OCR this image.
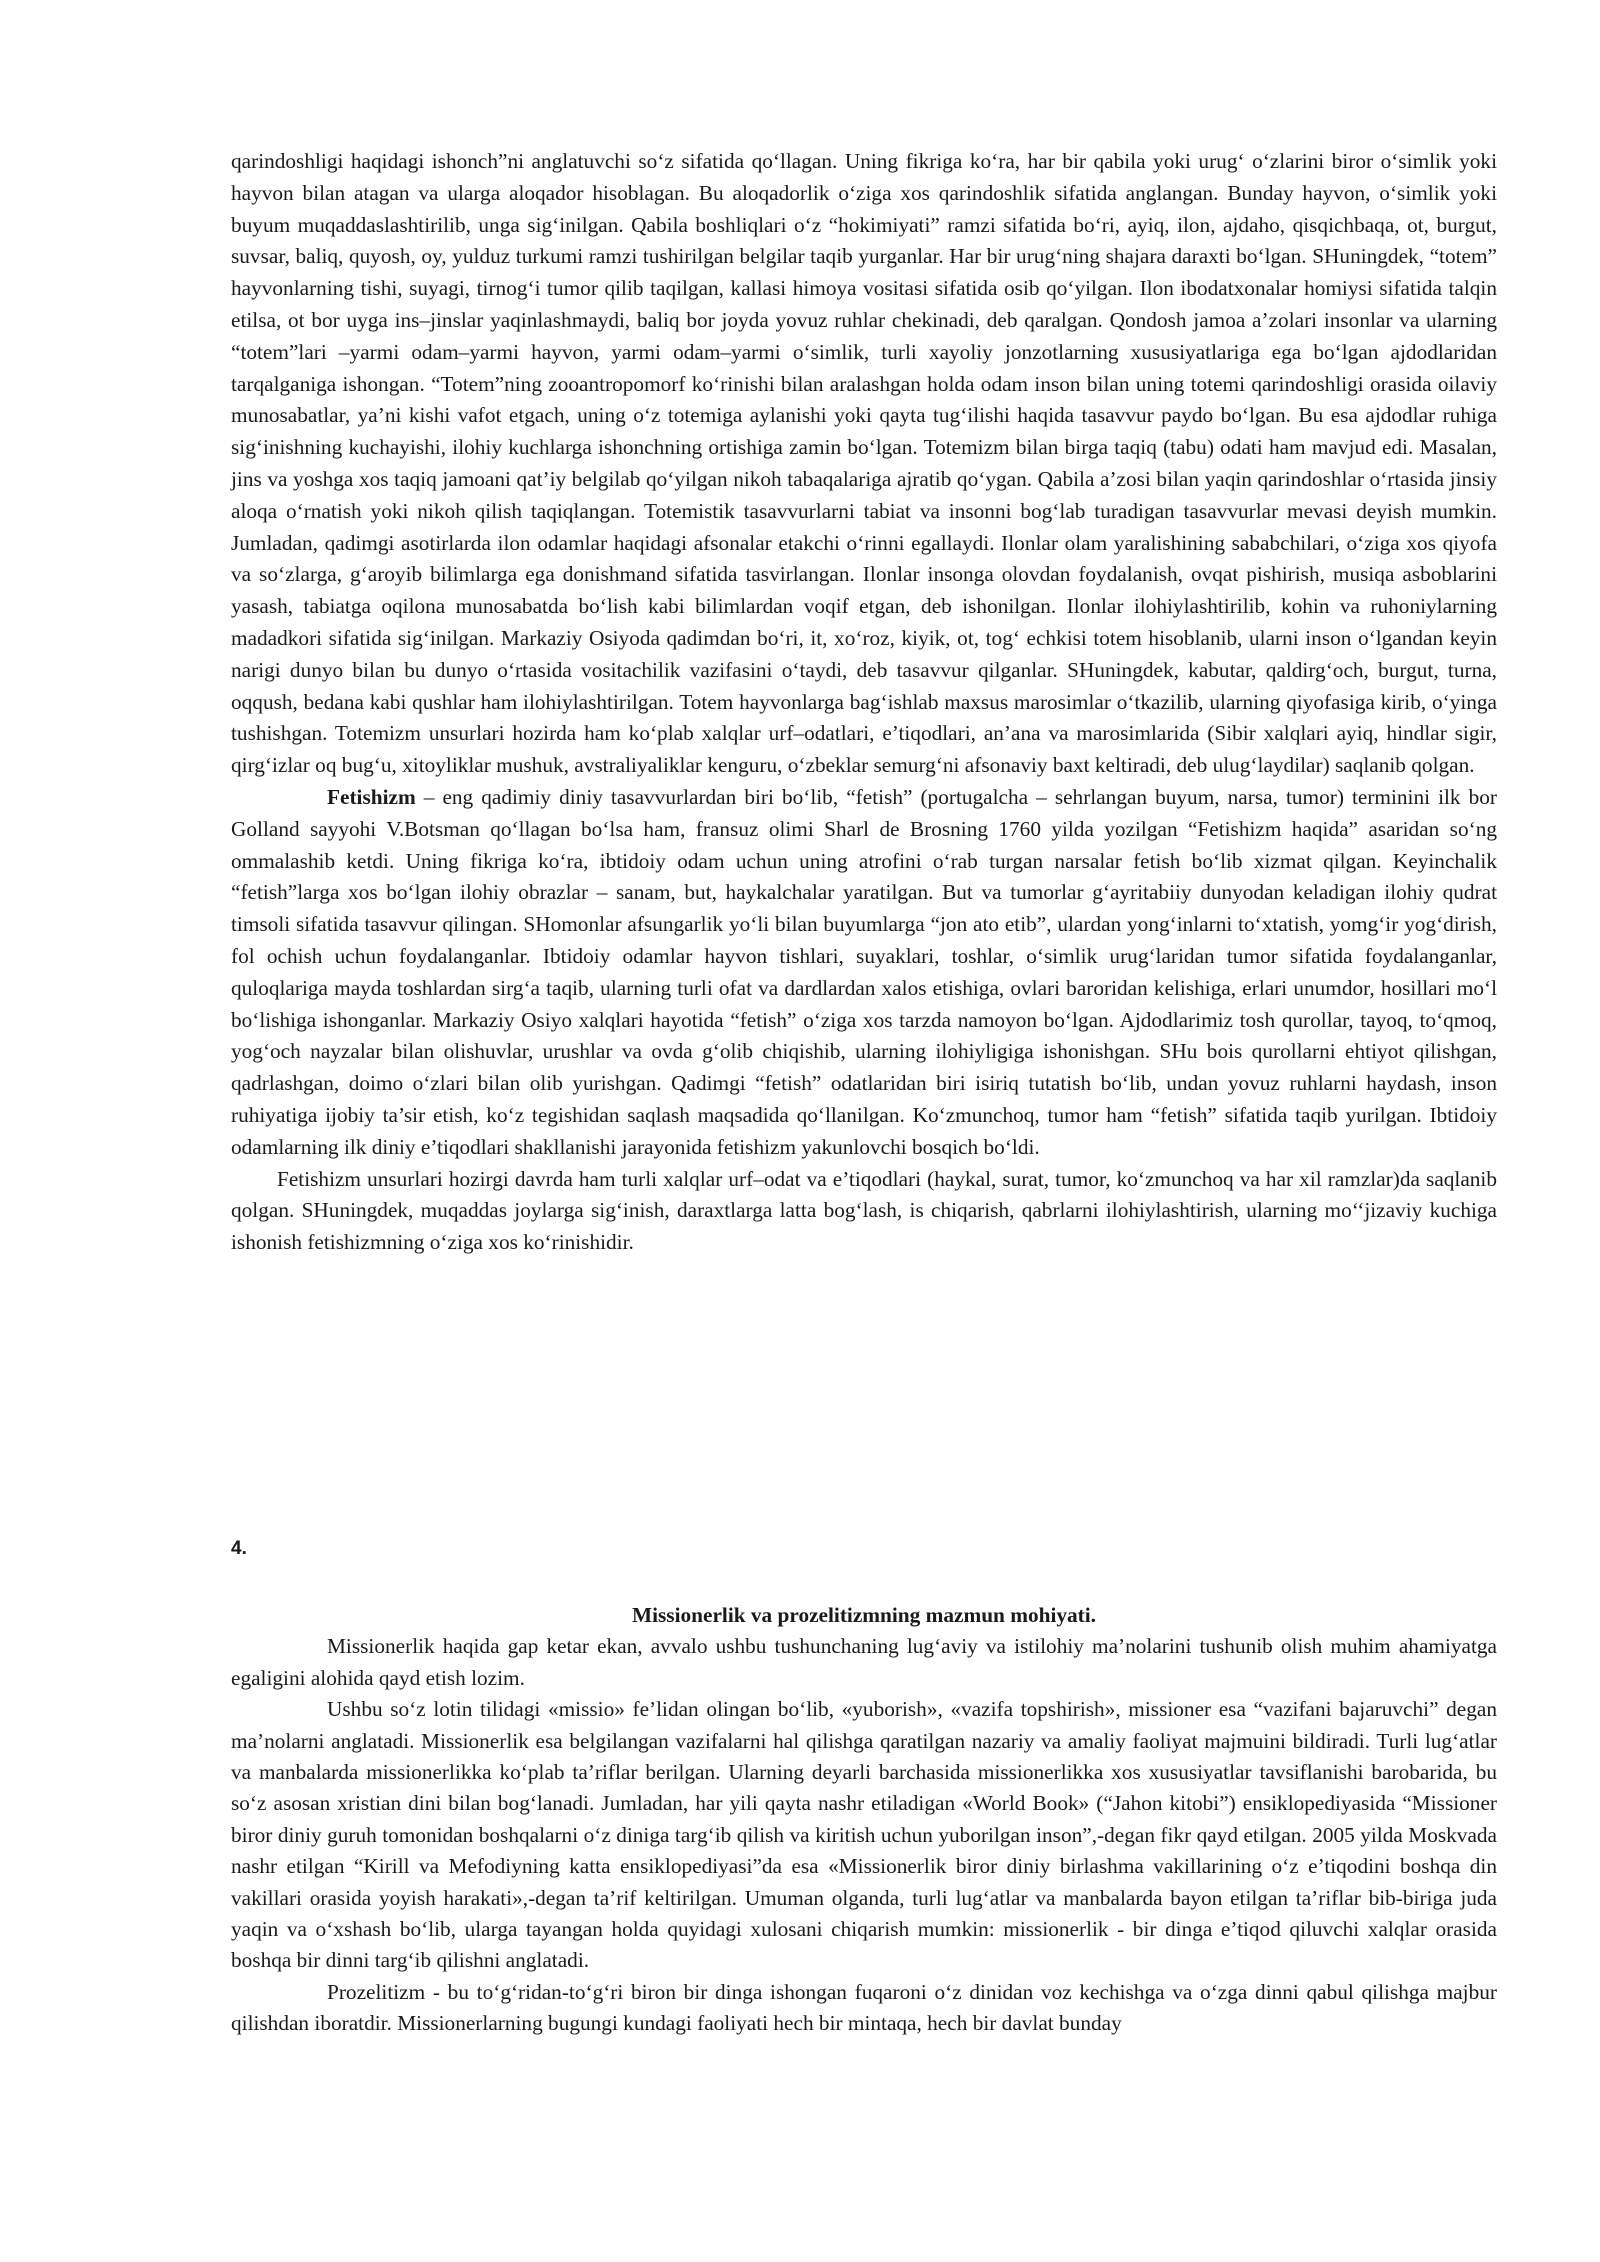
qarindoshligi haqidagi ishonch”ni anglatuvchi so‘z sifatida qo‘llagan. Uning fikriga ko‘ra, har bir qabila yoki urug‘ o‘zlarini biror o‘simlik yoki hayvon bilan atagan va ularga aloqador hisoblagan. Bu aloqadorlik o‘ziga xos qarindoshlik sifatida anglangan. Bunday hayvon, o‘simlik yoki buyum muqaddaslashtirilib, unga sig‘inilgan. Qabila boshliqlari o‘z “hokimiyati” ramzi sifatida bo‘ri, ayiq, ilon, ajdaho, qisqichbaqa, ot, burgut, suvsar, baliq, quyosh, oy, yulduz turkumi ramzi tushirilgan belgilar taqib yurganlar. Har bir urug‘ning shajara daraxti bo‘lgan. SHuningdek, “totem” hayvonlarning tishi, suyagi, tirnog‘i tumor qilib taqilgan, kallasi himoya vositasi sifatida osib qo‘yilgan. Ilon ibodatxonalar homiysi sifatida talqin etilsa, ot bor uyga ins–jinslar yaqinlashmaydi, baliq bor joyda yovuz ruhlar chekinadi, deb qaralgan. Qondosh jamoa a’zolari insonlar va ularning “totem”lari –yarmi odam–yarmi hayvon, yarmi odam–yarmi o‘simlik, turli xayoliy jonzotlarning xususiyatlariga ega bo‘lgan ajdodlaridan tarqalganiga ishongan. “Totem”ning zooantropomorf ko‘rinishi bilan aralashgan holda odam inson bilan uning totemi qarindoshligi orasida oilaviy munosabatlar, ya’ni kishi vafot etgach, uning o‘z totemiga aylanishi yoki qayta tug‘ilishi haqida tasavvur paydo bo‘lgan. Bu esa ajdodlar ruhiga sig‘inishning kuchayishi, ilohiy kuchlarga ishonchning ortishiga zamin bo‘lgan. Totemizm bilan birga taqiq (tabu) odati ham mavjud edi. Masalan, jins va yoshga xos taqiq jamoani qat’iy belgilab qo‘yilgan nikoh tabaqalariga ajratib qo‘ygan. Qabila a’zosi bilan yaqin qarindoshlar o‘rtasida jinsiy aloqa o‘rnatish yoki nikoh qilish taqiqlangan. Totemistik tasavvurlarni tabiat va insonni bog‘lab turadigan tasavvurlar mevasi deyish mumkin. Jumladan, qadimgi asotirlarda ilon odamlar haqidagi afsonalar etakchi o‘rinni egallaydi. Ilonlar olam yaralishining sababchilari, o‘ziga xos qiyofa va so‘zlarga, g‘aroyib bilimlarga ega donishmand sifatida tasvirlangan. Ilonlar insonga olovdan foydalanish, ovqat pishirish, musiqa asboblarini yasash, tabiatga oqilona munosabatda bo‘lish kabi bilimlardan voqif etgan, deb ishonilgan. Ilonlar ilohiylashtirilib, kohin va ruhoniylarning madadkori sifatida sig‘inilgan. Markaziy Osiyoda qadimdan bo‘ri, it, xo‘roz, kiyik, ot, tog‘ echkisi totem hisoblanib, ularni inson o‘lgandan keyin narigi dunyo bilan bu dunyo o‘rtasida vositachilik vazifasini o‘taydi, deb tasavvur qilganlar. SHuningdek, kabutar, qaldirg‘och, burgut, turna, oqqush, bedana kabi qushlar ham ilohiylashtirilgan. Totem hayvonlarga bag‘ishlab maxsus marosimlar o‘tkazilib, ularning qiyofasiga kirib, o‘yinga tushishgan. Totemizm unsurlari hozirda ham ko‘plab xalqlar urf–odatlari, e’tiqodlari, an’ana va marosimlarida (Sibir xalqlari ayiq, hindlar sigir, qirg‘izlar oq bug‘u, xitoyliklar mushuk, avstraliyaliklar kenguru, o‘zbeklar semurg‘ni afsonaviy baxt keltiradi, deb ulug‘laydilar) saqlanib qolgan.

Fetishizm – eng qadimiy diniy tasavvurlardan biri bo‘lib, “fetish” (portugalcha – sehrlangan buyum, narsa, tumor) terminini ilk bor Golland sayyohi V.Botsman qo‘llagan bo‘lsa ham, fransuz olimi Sharl de Brosning 1760 yilda yozilgan “Fetishizm haqida” asaridan so‘ng ommalashib ketdi. Uning fikriga ko‘ra, ibtidoiy odam uchun uning atrofini o‘rab turgan narsalar fetish bo‘lib xizmat qilgan. Keyinchalik “fetish”larga xos bo‘lgan ilohiy obrazlar – sanam, but, haykalchalar yaratilgan. But va tumorlar g‘ayritabiiy dunyodan keladigan ilohiy qudrat timsoli sifatida tasavvur qilingan. SHomonlar afsungarlik yo‘li bilan buyumlarga “jon ato etib”, ulardan yong‘inlarni to‘xtatish, yomg‘ir yog‘dirish, fol ochish uchun foydalanganlar. Ibtidoiy odamlar hayvon tishlari, suyaklari, toshlar, o‘simlik urug‘laridan tumor sifatida foydalanganlar, quloqlariga mayda toshlardan sirg‘a taqib, ularning turli ofat va dardlardan xalos etishiga, ovlari baroridan kelishiga, erlari unumdor, hosillari mo‘l bo‘lishiga ishonganlar. Markaziy Osiyo xalqlari hayotida “fetish” o‘ziga xos tarzda namoyon bo‘lgan. Ajdodlarimiz tosh qurollar, tayoq, to‘qmoq, yog‘och nayzalar bilan olishuvlar, urushlar va ovda g‘olib chiqishib, ularning ilohiyligiga ishonishgan. SHu bois qurollarni ehtiyot qilishgan, qadrlashgan, doimo o‘zlari bilan olib yurishgan. Qadimgi “fetish” odatlaridan biri isiriq tutatish bo‘lib, undan yovuz ruhlarni haydash, inson ruhiyatiga ijobiy ta’sir etish, ko‘z tegishidan saqlash maqsadida qo‘llanilgan. Ko‘zmunchoq, tumor ham “fetish” sifatida taqib yurilgan. Ibtidoiy odamlarning ilk diniy e’tiqodlari shakllanishi jarayonida fetishizm yakunlovchi bosqich bo‘ldi.

Fetishizm unsurlari hozirgi davrda ham turli xalqlar urf–odat va e’tiqodlari (haykal, surat, tumor, ko‘zmunchoq va har xil ramzlar)da saqlanib qolgan. SHuningdek, muqaddas joylarga sig‘inish, daraxtlarga latta bog‘lash, is chiqarish, qabrlarni ilohiylashtirish, ularning mo‘‘jizaviy kuchiga ishonish fetishizmning o‘ziga xos ko‘rinishidir.

4.

Missionerlik va prozelitizmning mazmun mohiyati.

Missionerlik haqida gap ketar ekan, avvalo ushbu tushunchaning lug‘aviy va istilohiy ma’nolarini tushunib olish muhim ahamiyatga egaligini alohida qayd etish lozim.

Ushbu so‘z lotin tilidagi «missio» fe’lidan olingan bo‘lib, «yuborish», «vazifa topshirish», missioner esa “vazifani bajaruvchi” degan ma’nolarni anglatadi. Missionerlik esa belgilangan vazifalarni hal qilishga qaratilgan nazariy va amaliy faoliyat majmuini bildiradi. Turli lug‘atlar va manbalarda missionerlikka ko‘plab ta’riflar berilgan. Ularning deyarli barchasida missionerlikka xos xususiyatlar tavsiflanishi barobarida, bu so‘z asosan xristian dini bilan bog‘lanadi. Jumladan, har yili qayta nashr etiladigan «World Book» (“Jahon kitobi”) ensiklopediyasida “Missioner biror diniy guruh tomonidan boshqalarni o‘z diniga targ‘ib qilish va kiritish uchun yuborilgan inson”,-degan fikr qayd etilgan. 2005 yilda Moskvada nashr etilgan “Kirill va Mefodiyning katta ensiklopediyasi”da esa «Missionerlik biror diniy birlashma vakillarining o‘z e’tiqodini boshqa din vakillari orasida yoyish harakati»,-degan ta’rif keltirilgan. Umuman olganda, turli lug‘atlar va manbalarda bayon etilgan ta’riflar bib-biriga juda yaqin va o‘xshash bo‘lib, ularga tayangan holda quyidagi xulosani chiqarish mumkin: missionerlik - bir dinga e’tiqod qiluvchi xalqlar orasida boshqa bir dinni targ‘ib qilishni anglatadi.

Prozelitizm - bu to‘g‘ridan-to‘g‘ri biron bir dinga ishongan fuqaroni o‘z dinidan voz kechishga va o‘zga dinni qabul qilishga majbur qilishdan iboratdir. Missionerlarning bugungi kundagi faoliyati hech bir mintaqa, hech bir davlat bunday
